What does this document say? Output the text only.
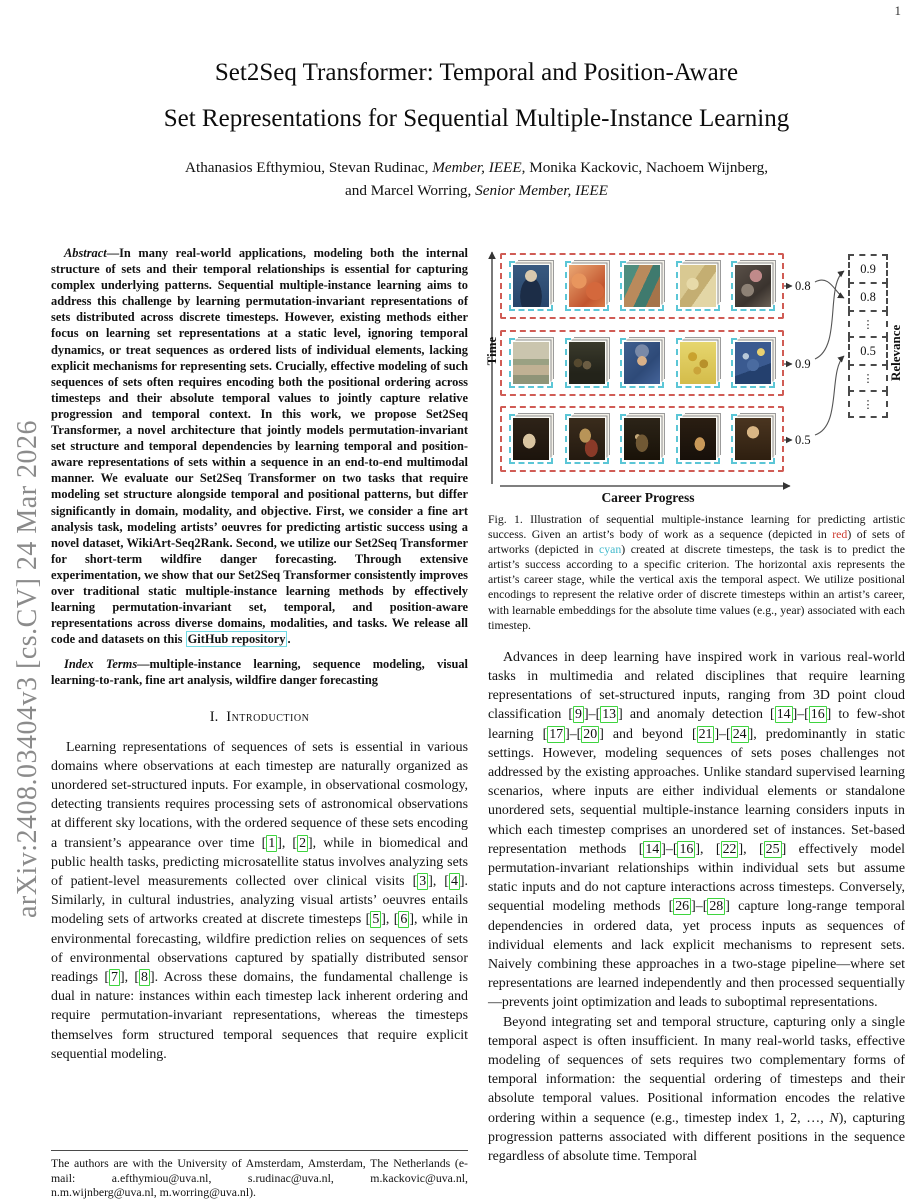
1
arXiv:2408.03404v3 [cs.CV] 24 Mar 2026
Set2Seq Transformer: Temporal and Position-Aware
Set Representations for Sequential Multiple-Instance Learning
Athanasios Efthymiou, Stevan Rudinac, Member, IEEE, Monika Kackovic, Nachoem Wijnberg,
and Marcel Worring, Senior Member, IEEE

Abstract—In many real-world applications, modeling both the internal structure of sets and their temporal relationships is essential for capturing complex underlying patterns. Sequential multiple-instance learning aims to address this challenge by learning permutation-invariant representations of sets distributed across discrete timesteps. However, existing methods either focus on learning set representations at a static level, ignoring temporal dynamics, or treat sequences as ordered lists of individual elements, lacking explicit mechanisms for representing sets. Crucially, effective modeling of such sequences of sets often requires encoding both the positional ordering across timesteps and their absolute temporal values to jointly capture relative progression and temporal context. In this work, we propose Set2Seq Transformer, a novel architecture that jointly models permutation-invariant set structure and temporal dependencies by learning temporal and position-aware representations of sets within a sequence in an end-to-end multimodal manner. We evaluate our Set2Seq Transformer on two tasks that require modeling set structure alongside temporal and positional patterns, but differ significantly in domain, modality, and objective. First, we consider a fine art analysis task, modeling artists’ oeuvres for predicting artistic success using a novel dataset, WikiArt-Seq2Rank. Second, we utilize our Set2Seq Transformer for short-term wildfire danger forecasting. Through extensive experimentation, we show that our Set2Seq Transformer consistently improves over traditional static multiple-instance learning methods by effectively learning permutation-invariant set, temporal, and position-aware representations across diverse domains, modalities, and tasks. We release all code and datasets on this GitHub repository .

Index Terms—multiple-instance learning, sequence modeling, visual learning-to-rank, fine art analysis, wildfire danger forecasting

I. Introduction

Learning representations of sequences of sets is essential in various domains where observations at each timestep are naturally organized as unordered set-structured inputs. For example, in observational cosmology, detecting transients requires processing sets of astronomical observations at different sky locations, with the ordered sequence of these sets encoding a transient’s appearance over time [ 1 ], [ 2 ], while in biomedical and public health tasks, predicting microsatellite status involves analyzing sets of patient-level measurements collected over clinical visits [ 3 ], [ 4 ]. Similarly, in cultural industries, analyzing visual artists’ oeuvres entails modeling sets of artworks created at discrete timesteps [ 5 ], [ 6 ], while in environmental forecasting, wildfire prediction relies on sequences of sets of environmental observations captured by spatially distributed sensor readings [ 7 ], [ 8 ]. Across these domains, the fundamental challenge is dual in nature: instances within each timestep lack inherent ordering and require permutation-invariant representations, whereas the timesteps themselves form structured temporal sequences that require explicit sequential modeling.

The authors are with the University of Amsterdam, Amsterdam, The Netherlands (e-mail: a.efthymiou@uva.nl, s.rudinac@uva.nl, m.kackovic@uva.nl, n.m.wijnberg@uva.nl, m.worring@uva.nl).
Time
Career Progress
Relevance
0.8
0.9
0.5
0.9
0.8
⋮
0.5
⋮
⋮

Fig. 1. Illustration of sequential multiple-instance learning for predicting artistic success. Given an artist’s body of work as a sequence (depicted in red) of sets of artworks (depicted in cyan) created at discrete timesteps, the task is to predict the artist’s success according to a specific criterion. The horizontal axis represents the artist’s career stage, while the vertical axis the temporal aspect. We utilize positional encodings to represent the relative order of discrete timesteps within an artist’s career, with learnable embeddings for the absolute time values (e.g., year) associated with each timestep.

Advances in deep learning have inspired work in various real-world tasks in multimedia and related disciplines that require learning representations of set-structured inputs, ranging from 3D point cloud classification [ 9 ]–[ 13 ] and anomaly detection [ 14 ]–[ 16 ] to few-shot learning [ 17 ]–[ 20 ] and beyond [ 21 ]–[ 24 ], predominantly in static settings. However, modeling sequences of sets poses challenges not addressed by the existing approaches. Unlike standard supervised learning scenarios, where inputs are either individual elements or standalone unordered sets, sequential multiple-instance learning considers inputs in which each timestep comprises an unordered set of instances. Set-based representation methods [ 14 ]–[ 16 ], [ 22 ], [ 25 ] effectively model permutation-invariant relationships within individual sets but assume static inputs and do not capture interactions across timesteps. Conversely, sequential modeling methods [ 26 ]–[ 28 ] capture long-range temporal dependencies in ordered data, yet process inputs as sequences of individual elements and lack explicit mechanisms to represent sets. Naively combining these approaches in a two-stage pipeline—where set representations are learned independently and then processed sequentially—prevents joint optimization and leads to suboptimal representations.

Beyond integrating set and temporal structure, capturing only a single temporal aspect is often insufficient. In many real-world tasks, effective modeling of sequences of sets requires two complementary forms of temporal information: the sequential ordering of timesteps and their absolute temporal values. Positional information encodes the relative ordering within a sequence (e.g., timestep index 1, 2, …, N), capturing progression patterns associated with different positions in the sequence regardless of absolute time. Temporal
